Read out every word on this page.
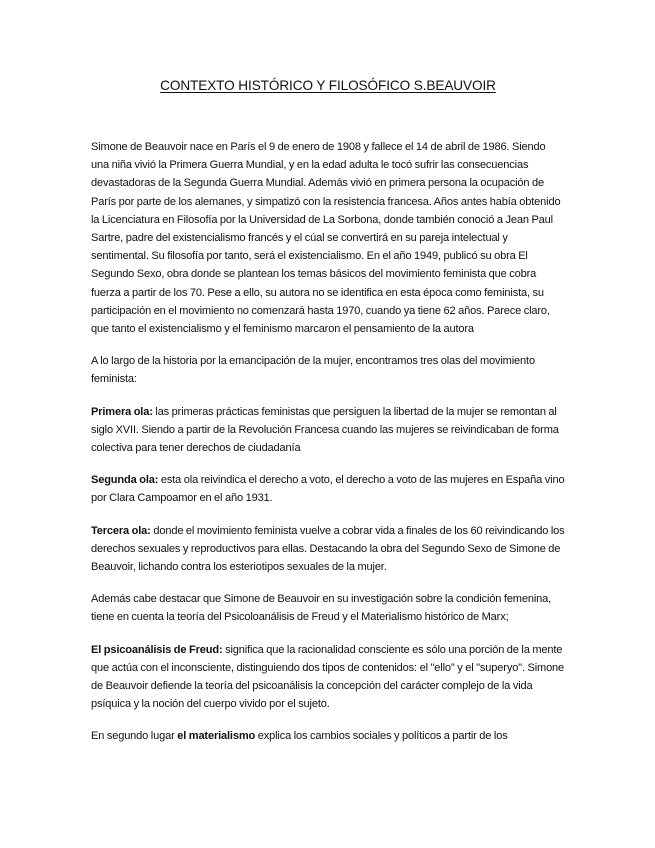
CONTEXTO HISTÓRICO Y FILOSÓFICO S.BEAUVOIR

Simone de Beauvoir nace en París el 9 de enero de 1908 y fallece el 14 de abril de 1986. Siendo una niña vivió la Primera Guerra Mundial, y en la edad adulta le tocó sufrir las consecuencias devastadoras de la Segunda Guerra Mundial. Además vivió en primera persona la ocupación de París por parte de los alemanes, y simpatizó con la resistencia francesa. Años antes había obtenido la Licenciatura en Filosofía por la Universidad de La Sorbona, donde también conoció a Jean Paul Sartre, padre del existencialismo francés y el cúal se convertirá en su pareja intelectual y sentimental. Su filosofía por tanto, será el existencialismo. En el año 1949, publicó su obra El Segundo Sexo, obra donde se plantean los temas básicos del movimiento feminista que cobra fuerza a partir de los 70. Pese a ello, su autora no se identifica en esta época como feminista, su participación en el movimiento no comenzará hasta 1970, cuando ya tiene 62 años. Parece claro, que tanto el existencialismo y el feminismo marcaron el pensamiento de la autora

A lo largo de la historia por la emancipación de la mujer, encontramos tres olas del movimiento feminista:

Primera ola: las primeras prácticas feministas que persiguen la libertad de la mujer se remontan al siglo XVII. Siendo a partir de la Revolución Francesa cuando las mujeres se reivindicaban de forma colectiva para tener derechos de ciudadanía

Segunda ola: esta ola reivindica el derecho a voto, el derecho a voto de las mujeres en España vino por Clara Campoamor en el año 1931.

Tercera ola: donde el movimiento feminista vuelve a cobrar vida a finales de los 60 reivindicando los derechos sexuales y reproductivos para ellas. Destacando la obra del Segundo Sexo de Simone de Beauvoir, lichando contra los esteriotipos sexuales de la mujer.

Además cabe destacar que Simone de Beauvoir en su investigación sobre la condición femenina, tiene en cuenta la teoría del Psicoloanálisis de Freud y el Materialismo histórico de Marx;

El psicoanálisis de Freud: significa que la racionalidad consciente es sólo una porción de la mente que actúa con el inconsciente, distinguiendo dos tipos de contenidos: el "ello" y el "superyo". Simone de Beauvoir defiende la teoría del psicoanálisis la concepción del carácter complejo de la vida psíquica y la noción del cuerpo vivido por el sujeto.

En segundo lugar el materialismo explica los cambios sociales y políticos a partir de los
